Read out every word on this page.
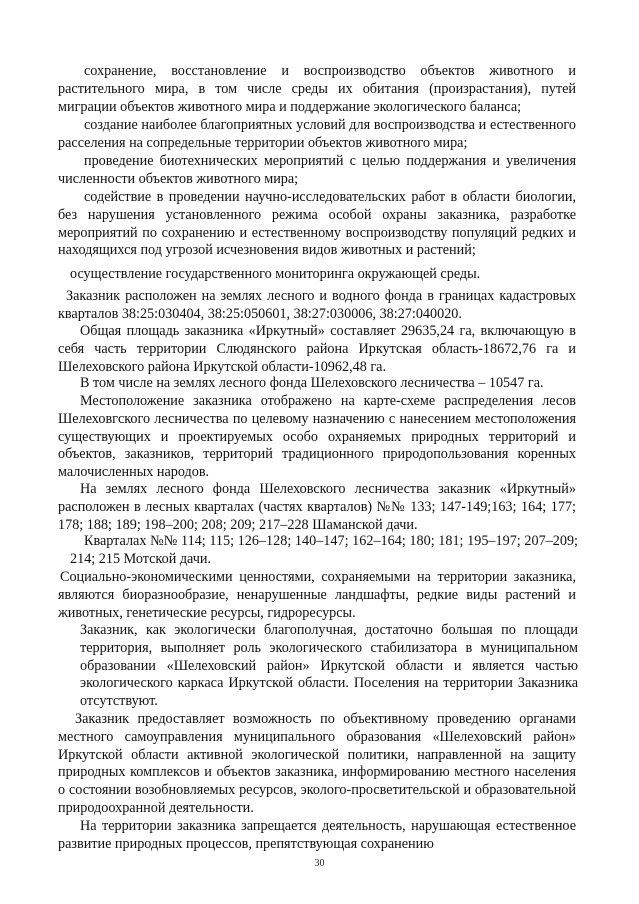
сохранение, восстановление и воспроизводство объектов животного и растительного мира, в том числе среды их обитания (произрастания), путей миграции объектов животного мира и поддержание экологического баланса;

создание наиболее благоприятных условий для воспроизводства и естественного расселения на сопредельные территории объектов животного мира;

проведение биотехнических мероприятий с целью поддержания и увеличения численности объектов животного мира;

содействие в проведении научно-исследовательских работ в области биологии, без нарушения установленного режима особой охраны заказника, разработке мероприятий по сохранению и естественному воспроизводству популяций редких и находящихся под угрозой исчезновения видов животных и растений;

осуществление государственного мониторинга окружающей среды.

Заказник расположен на землях лесного и водного фонда в границах кадастровых кварталов 38:25:030404, 38:25:050601, 38:27:030006, 38:27:040020.

Общая площадь заказника «Иркутный» составляет 29635,24 га, включающую в себя часть территории Слюдянского района Иркутская область-18672,76 га и Шелеховского района Иркутской области-10962,48 га.

В том числе на землях лесного фонда Шелеховского лесничества – 10547 га.

Местоположение заказника отображено на карте-схеме распределения лесов Шелеховгского лесничества по целевому назначению с нанесением местоположения существующих и проектируемых особо охраняемых природных территорий и объектов, заказников, территорий традиционного природопользования коренных малочисленных народов.

На землях лесного фонда Шелеховского лесничества заказник «Иркутный» расположен в лесных кварталах (частях кварталов) №№ 133; 147-149;163; 164; 177; 178; 188; 189; 198–200; 208; 209; 217–228 Шаманской дачи.

Кварталах №№ 114; 115; 126–128; 140–147; 162–164; 180; 181; 195–197; 207–209; 214; 215 Мотской дачи.

Социально-экономическими ценностями, сохраняемыми на территории заказника, являются биоразнообразие, ненарушенные ландшафты, редкие виды растений и животных, генетические ресурсы, гидроресурсы.

Заказник, как экологически благополучная, достаточно большая по площади территория, выполняет роль экологического стабилизатора в муниципальном образовании «Шелеховский район» Иркутской области и является частью экологического каркаса Иркутской области. Поселения на территории Заказника отсутствуют.

Заказник предоставляет возможность по объективному проведению органами местного самоуправления муниципального образования «Шелеховский район» Иркутской области активной экологической политики, направленной на защиту природных комплексов и объектов заказника, информированию местного населения о состоянии возобновляемых ресурсов, эколого-просветительской и образовательной природоохранной деятельности.

На территории заказника запрещается деятельность, нарушающая естественное развитие природных процессов, препятствующая сохранению

30
